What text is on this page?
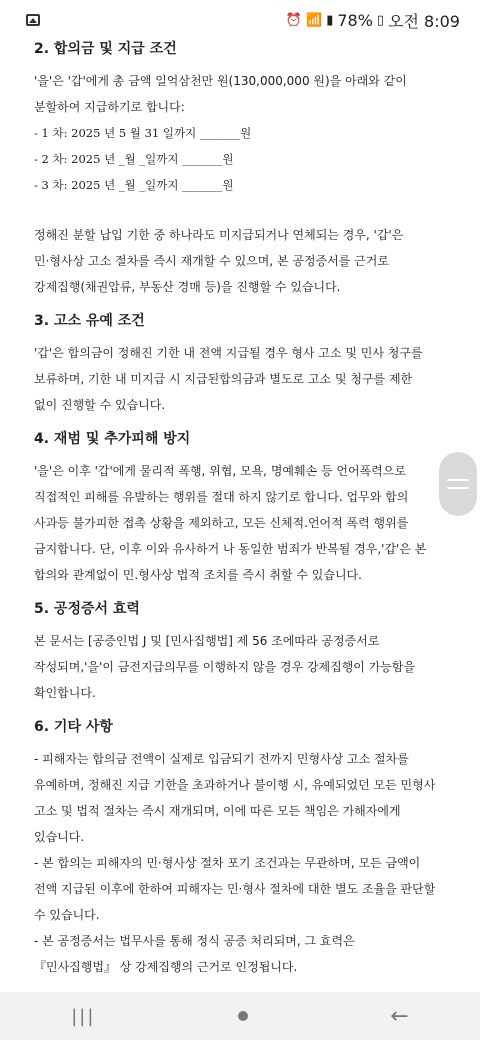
⏰ 📶 ▮ 78% ▯ 오전 8:09

2. 합의금 및 지급 조건

'을'은 '갑'에게 총 금액 일억삼천만 원(130,000,000 원)을 아래와 같이

분할하여 지급하기로 합니다:

- 1 차: 2025 년 5 월 31 일까지 _______원

- 2 차: 2025 년 _월 _일까지 _______원

- 3 차: 2025 년 _월 _일까지 _______원

정해진 분할 납입 기한 중 하나라도 미지급되거나 연체되는 경우, '갑'은

민·형사상 고소 절차를 즉시 재개할 수 있으며, 본 공정증서를 근거로

강제집행(채권압류, 부동산 경매 등)을 진행할 수 있습니다.

3. 고소 유예 조건

'갑'은 합의금이 정해진 기한 내 전액 지급될 경우 형사 고소 및 민사 청구를

보류하며, 기한 내 미지급 시 지급된합의금과 별도로 고소 및 청구를 제한

없이 진행할 수 있습니다.

4. 재범 및 추가피해 방지

'을'은 이후 '갑'에게 물리적 폭행, 위협, 모욕, 명예훼손 등 언어폭력으로

직접적인 피해를 유발하는 행위를 절대 하지 않기로 합니다. 업무와 합의

사과등 불가피한 접촉 상황을 제외하고, 모든 신체적.언어적 폭력 행위를

금지합니다. 단, 이후 이와 유사하거 나 동일한 범죄가 반복될 경우,'갑'은 본

합의와 관계없이 민.형사상 법적 조치를 즉시 취할 수 있습니다.

5. 공정증서 효력

본 문서는 [공증인법 J 및 [민사집행법] 제 56 조에따라 공정증서로

작성되며,'을'이 금전지급의무를 이행하지 않을 경우 강제집행이 가능함을

확인합니다.

6. 기타 사항

- 피해자는 합의금 전액이 실제로 입금되기 전까지 민형사상 고소 절차를

유예하며, 정해진 지급 기한을 초과하거나 불이행 시, 유예되었던 모든 민형사

고소 및 법적 절차는 즉시 재개되며, 이에 따른 모든 책임은 가해자에게

있습니다.

- 본 합의는 피해자의 민·형사상 절차 포기 조건과는 무관하며, 모든 금액이

전액 지급된 이후에 한하여 피해자는 민·형사 절차에 대한 별도 조율을 판단할

수 있습니다.

- 본 공정증서는 법무사를 통해 정식 공증 처리되며, 그 효력은

『민사집행법』 상 강제집행의 근거로 인정됩니다.

|||	←
